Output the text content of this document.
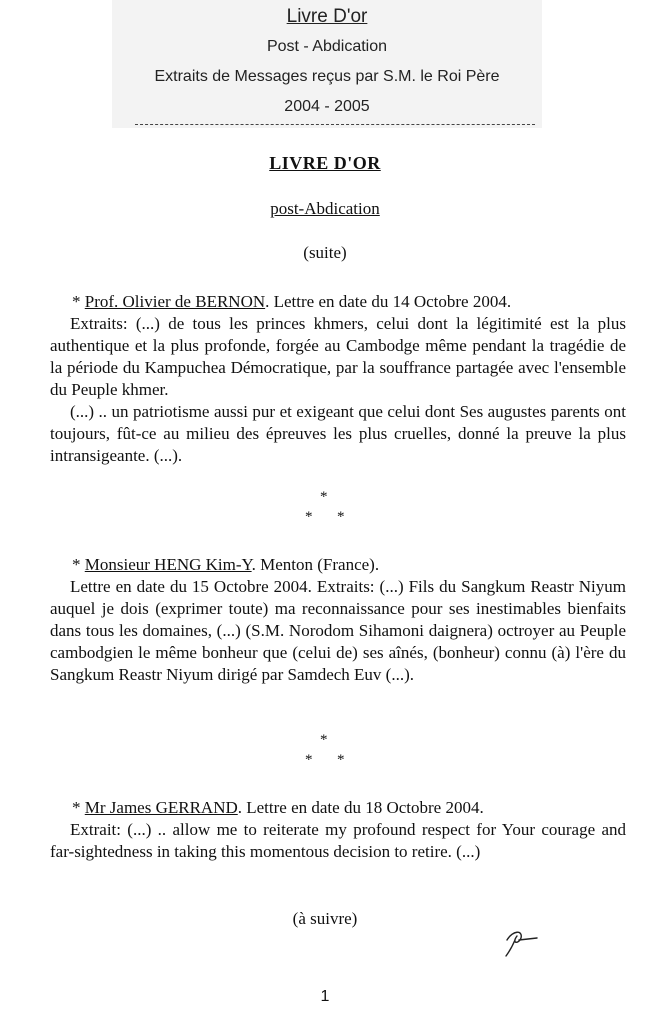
Livre D'or
Post - Abdication
Extraits de Messages reçus par S.M. le Roi Père
2004 - 2005
LIVRE D'OR
post-Abdication
(suite)

* Prof. Olivier de BERNON. Lettre en date du 14 Octobre 2004.

Extraits: (...) de tous les princes khmers, celui dont la légitimité est la plus authentique et la plus profonde, forgée au Cambodge même pendant la tragédie de la période du Kampuchea Démocratique, par la souffrance partagée avec l'ensemble du Peuple khmer.

(...) .. un patriotisme aussi pur et exigeant que celui dont Ses augustes parents ont toujours, fût-ce au milieu des épreuves les plus cruelles, donné la preuve la plus intransigeante. (...).

*
* *

* Monsieur HENG Kim-Y. Menton (France).

Lettre en date du 15 Octobre 2004. Extraits: (...) Fils du Sangkum Reastr Niyum auquel je dois (exprimer toute) ma reconnaissance pour ses inestimables bienfaits dans tous les domaines, (...) (S.M. Norodom Sihamoni daignera) octroyer au Peuple cambodgien le même bonheur que (celui de) ses aînés, (bonheur) connu (à) l'ère du Sangkum Reastr Niyum dirigé par Samdech Euv (...).

*
* *

* Mr James GERRAND. Lettre en date du 18 Octobre 2004.

Extrait: (...) .. allow me to reiterate my profound respect for Your courage and far-sightedness in taking this momentous decision to retire. (...)

(à suivre)
1
